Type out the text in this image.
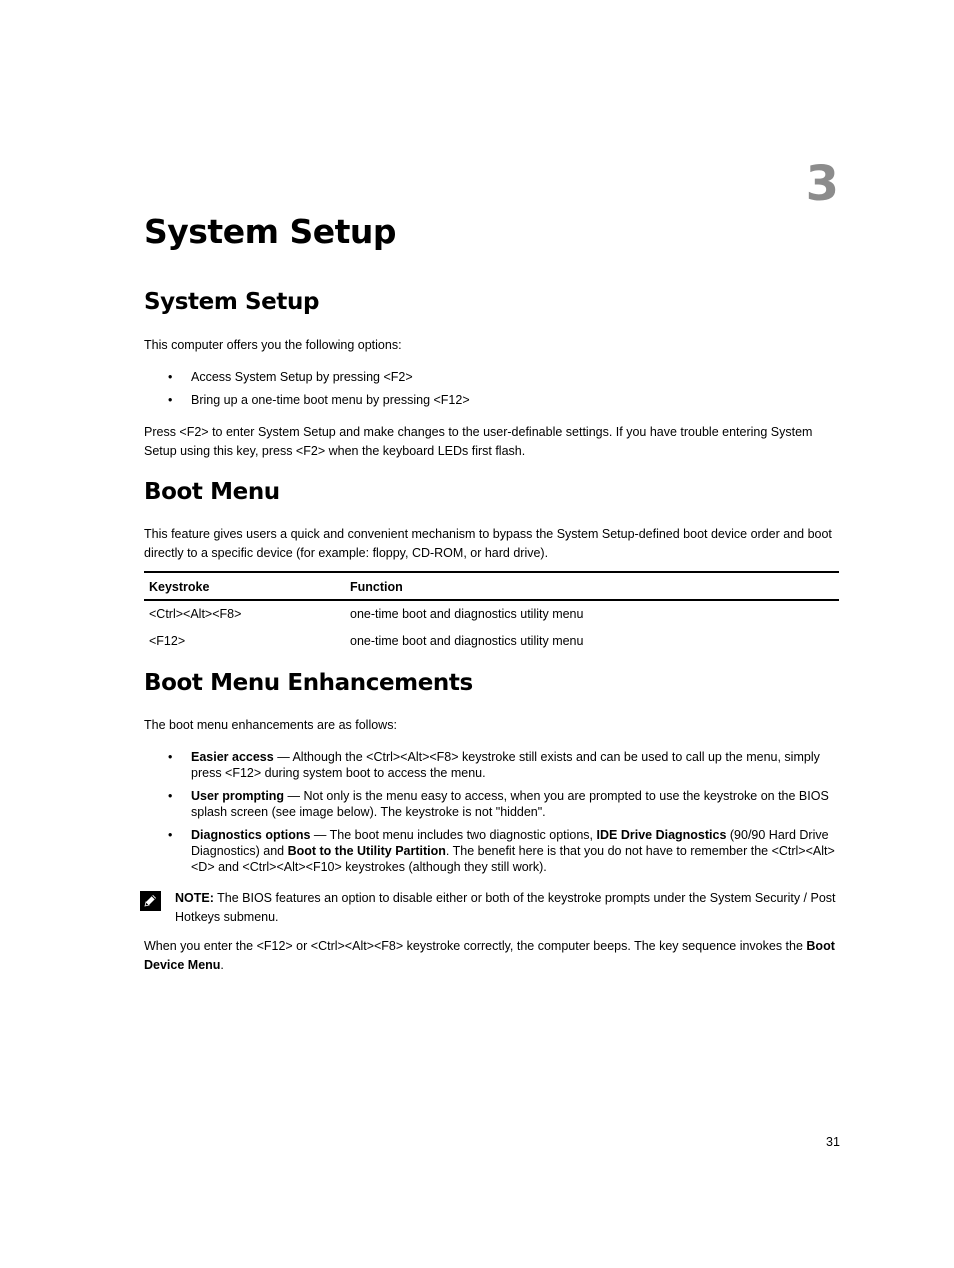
3
System Setup
System Setup

This computer offers you the following options:

• Access System Setup by pressing <F2>
• Bring up a one-time boot menu by pressing <F12>

Press <F2> to enter System Setup and make changes to the user-definable settings. If you have trouble entering System Setup using this key, press <F2> when the keyboard LEDs first flash.

Boot Menu

This feature gives users a quick and convenient mechanism to bypass the System Setup-defined boot device order and boot directly to a specific device (for example: floppy, CD-ROM, or hard drive).

Keystroke	Function
<Ctrl><Alt><F8>	one-time boot and diagnostics utility menu
<F12>	one-time boot and diagnostics utility menu
Boot Menu Enhancements

The boot menu enhancements are as follows:

• Easier access — Although the <Ctrl><Alt><F8> keystroke still exists and can be used to call up the menu, simply press <F12> during system boot to access the menu.
• User prompting — Not only is the menu easy to access, when you are prompted to use the keystroke on the BIOS splash screen (see image below). The keystroke is not "hidden".
• Diagnostics options — The boot menu includes two diagnostic options, IDE Drive Diagnostics (90/90 Hard Drive Diagnostics) and Boot to the Utility Partition. The benefit here is that you do not have to remember the <Ctrl><Alt><D> and <Ctrl><Alt><F10> keystrokes (although they still work).

NOTE: The BIOS features an option to disable either or both of the keystroke prompts under the System Security / Post Hotkeys submenu.

When you enter the <F12> or <Ctrl><Alt><F8> keystroke correctly, the computer beeps. The key sequence invokes the Boot Device Menu.

31
